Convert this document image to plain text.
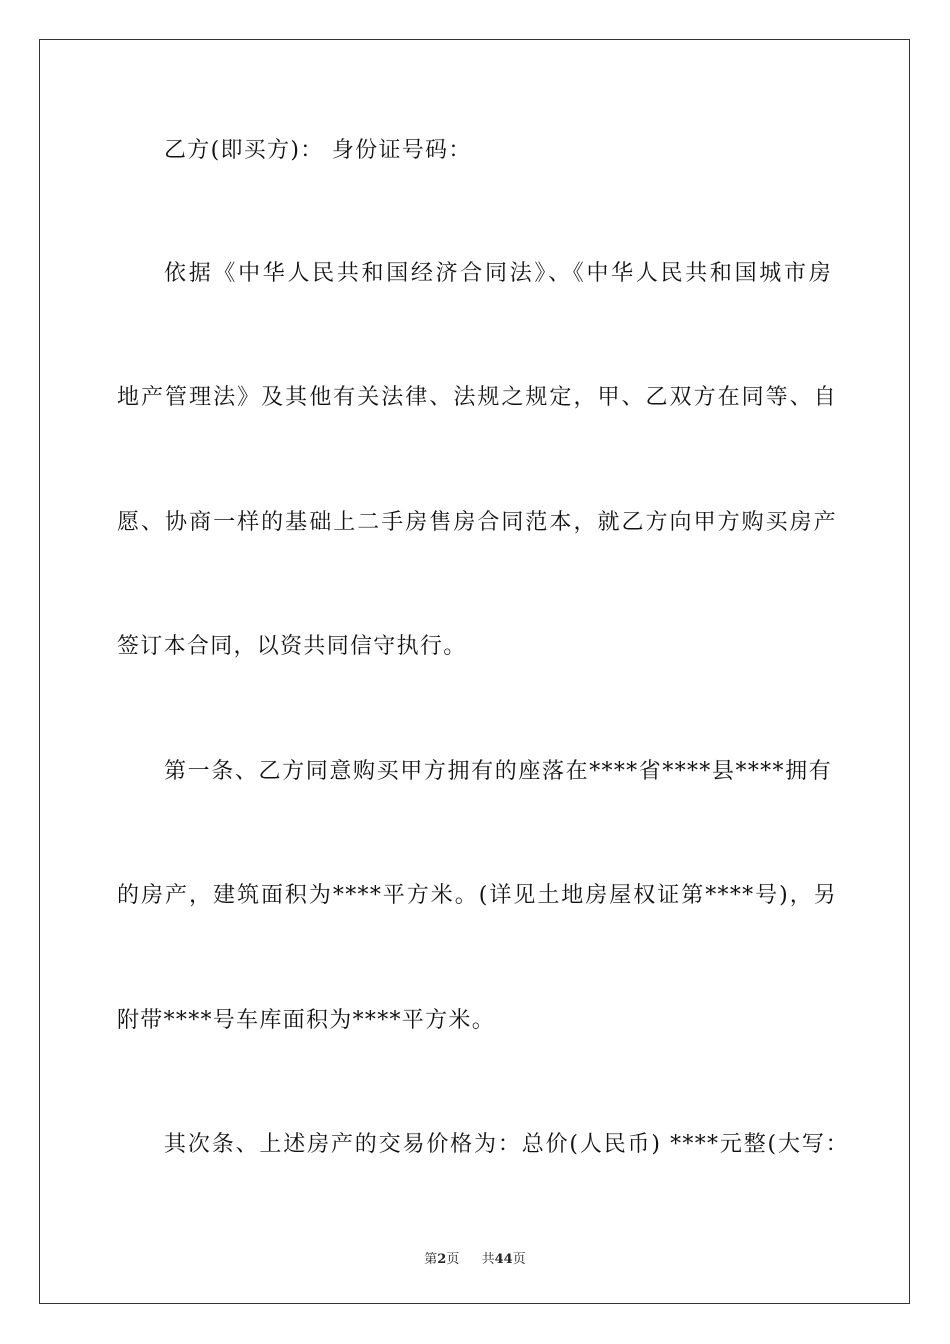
乙方(即买方)： 身份证号码：
依据《中华人民共和国经济合同法》、《中华人民共和国城市房
地产管理法》及其他有关法律、法规之规定，甲、乙双方在同等、自
愿、协商一样的基础上二手房售房合同范本，就乙方向甲方购买房产
签订本合同，以资共同信守执行。
第一条、乙方同意购买甲方拥有的座落在****省****县****拥有
的房产，建筑面积为****平方米。(详见土地房屋权证第****号)，另
附带****号车库面积为****平方米。
其次条、上述房产的交易价格为：总价(人民币) ****元整(大写：
第2页 共44页
